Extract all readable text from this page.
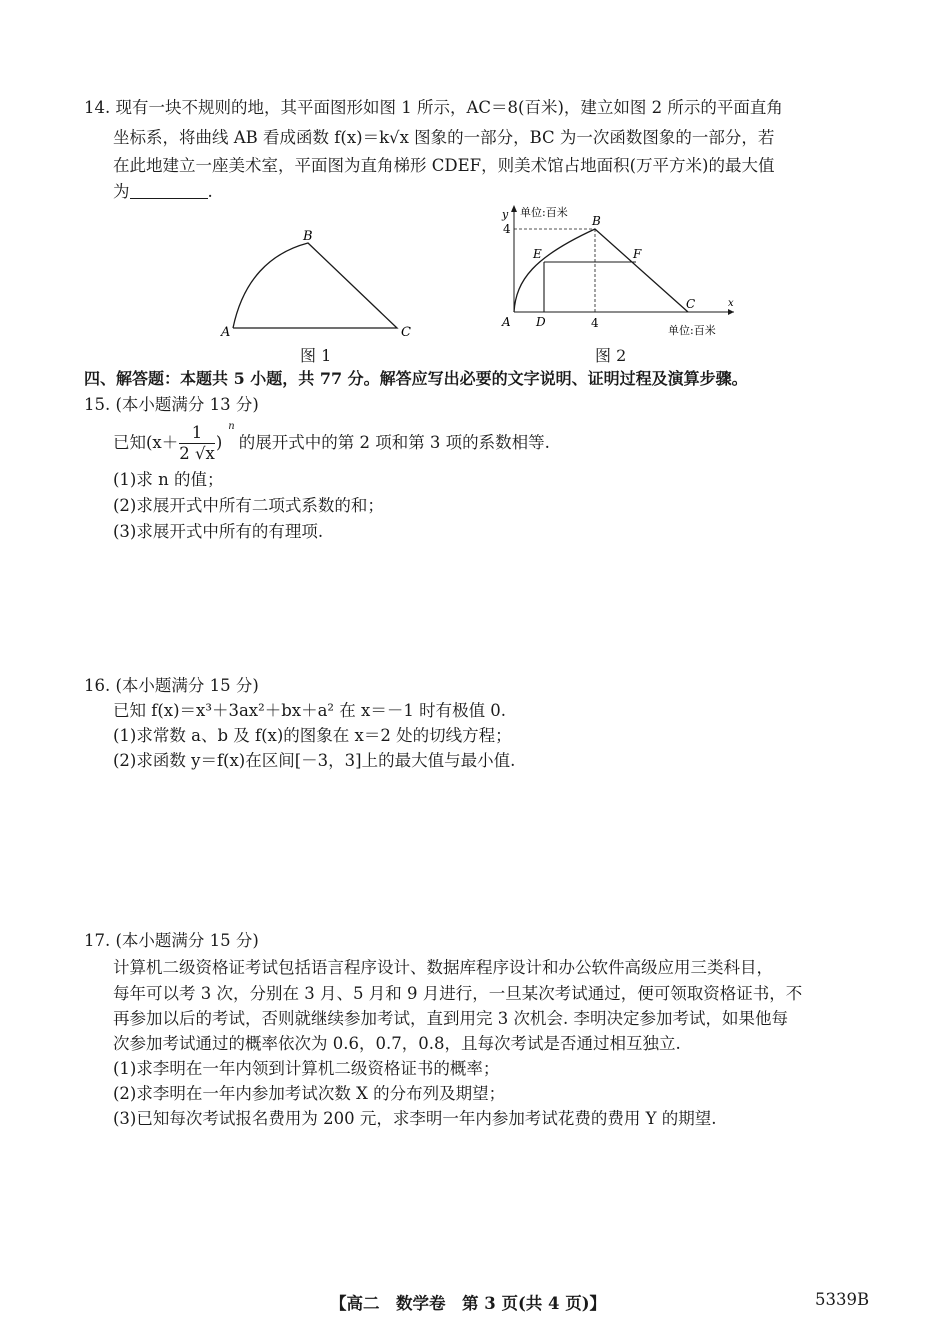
14. 现有一块不规则的地，其平面图形如图 1 所示，AC＝8(百米)，建立如图 2 所示的平面直角
坐标系，将曲线 AB 看成函数 f(x)＝k√x 图象的一部分，BC 为一次函数图象的一部分，若
在此地建立一座美术室，平面图为直角梯形 CDEF，则美术馆占地面积(万平方米)的最大值
为	.
A
B
C
图 1
y 单位:百米
x
单位:百米
4
4
A
B
C
D
E	F
图 2
四、解答题：本题共 5 小题，共 77 分。解答应写出必要的文字说明、证明过程及演算步骤。
15. (本小题满分 13 分)
已知($x+ \frac{1}{2 √x}$ )
n
的展开式中的第 2 项和第 3 项的系数相等.
(1)求 n 的值；
(2)求展开式中所有二项式系数的和；
(3)求展开式中所有的有理项.
16. (本小题满分 15 分)
已知 f(x)＝x³＋3ax²＋bx＋a² 在 x＝－1 时有极值 0.
(1)求常数 a、b 及 f(x)的图象在 x＝2 处的切线方程；
(2)求函数 y＝f(x)在区间[－3，3]上的最大值与最小值.
17. (本小题满分 15 分)
计算机二级资格证考试包括语言程序设计、数据库程序设计和办公软件高级应用三类科目，
每年可以考 3 次，分别在 3 月、5 月和 9 月进行，一旦某次考试通过，便可领取资格证书，不
再参加以后的考试，否则就继续参加考试，直到用完 3 次机会. 李明决定参加考试，如果他每
次参加考试通过的概率依次为 0.6，0.7，0.8，且每次考试是否通过相互独立.
(1)求李明在一年内领到计算机二级资格证书的概率；
(2)求李明在一年内参加考试次数 X 的分布列及期望；
(3)已知每次考试报名费用为 200 元，求李明一年内参加考试花费的费用 Y 的期望.
【高二　数学卷　第 3 页(共 4 页)】	5339B
